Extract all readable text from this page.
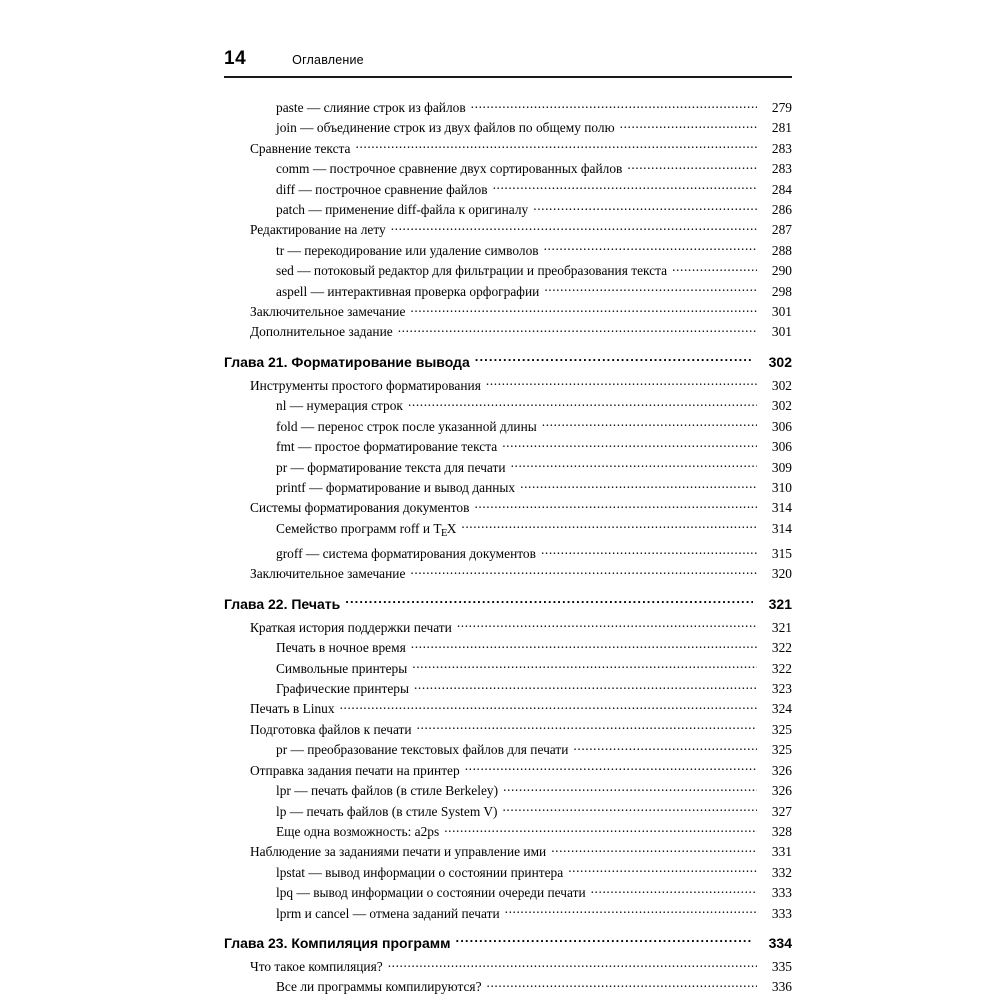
14	Оглавление
paste — слияние строк из файлов .....	279
join — объединение строк из двух файлов по общему полю .....	281
Сравнение текста .....	283
comm — построчное сравнение двух сортированных файлов .....	283
diff — построчное сравнение файлов .....	284
patch — применение diff-файла к оригиналу .....	286
Редактирование на лету .....	287
tr — перекодирование или удаление символов .....	288
sed — потоковый редактор для фильтрации и преобразования текста .....	290
aspell — интерактивная проверка орфографии .....	298
Заключительное замечание .....	301
Дополнительное задание .....	301
Глава 21. Форматирование вывода .....	302
Инструменты простого форматирования .....	302
nl — нумерация строк .....	302
fold — перенос строк после указанной длины .....	306
fmt — простое форматирование текста .....	306
pr — форматирование текста для печати .....	309
printf — форматирование и вывод данных .....	310
Системы форматирования документов .....	314
Семейство программ roff и $T_EX$ .....	314
groff — система форматирования документов .....	315
Заключительное замечание .....	320
Глава 22. Печать .....	321
Краткая история поддержки печати .....	321
Печать в ночное время .....	322
Символьные принтеры .....	322
Графические принтеры .....	323
Печать в Linux .....	324
Подготовка файлов к печати .....	325
pr — преобразование текстовых файлов для печати .....	325
Отправка задания печати на принтер .....	326
lpr — печать файлов (в стиле Berkeley) .....	326
lp — печать файлов (в стиле System V) .....	327
Еще одна возможность: a2ps .....	328
Наблюдение за заданиями печати и управление ими .....	331
lpstat — вывод информации о состоянии принтера .....	332
lpq — вывод информации о состоянии очереди печати .....	333
lprm и cancel — отмена заданий печати .....	333
Глава 23. Компиляция программ .....	334
Что такое компиляция? .....	335
Все ли программы компилируются? .....	336
